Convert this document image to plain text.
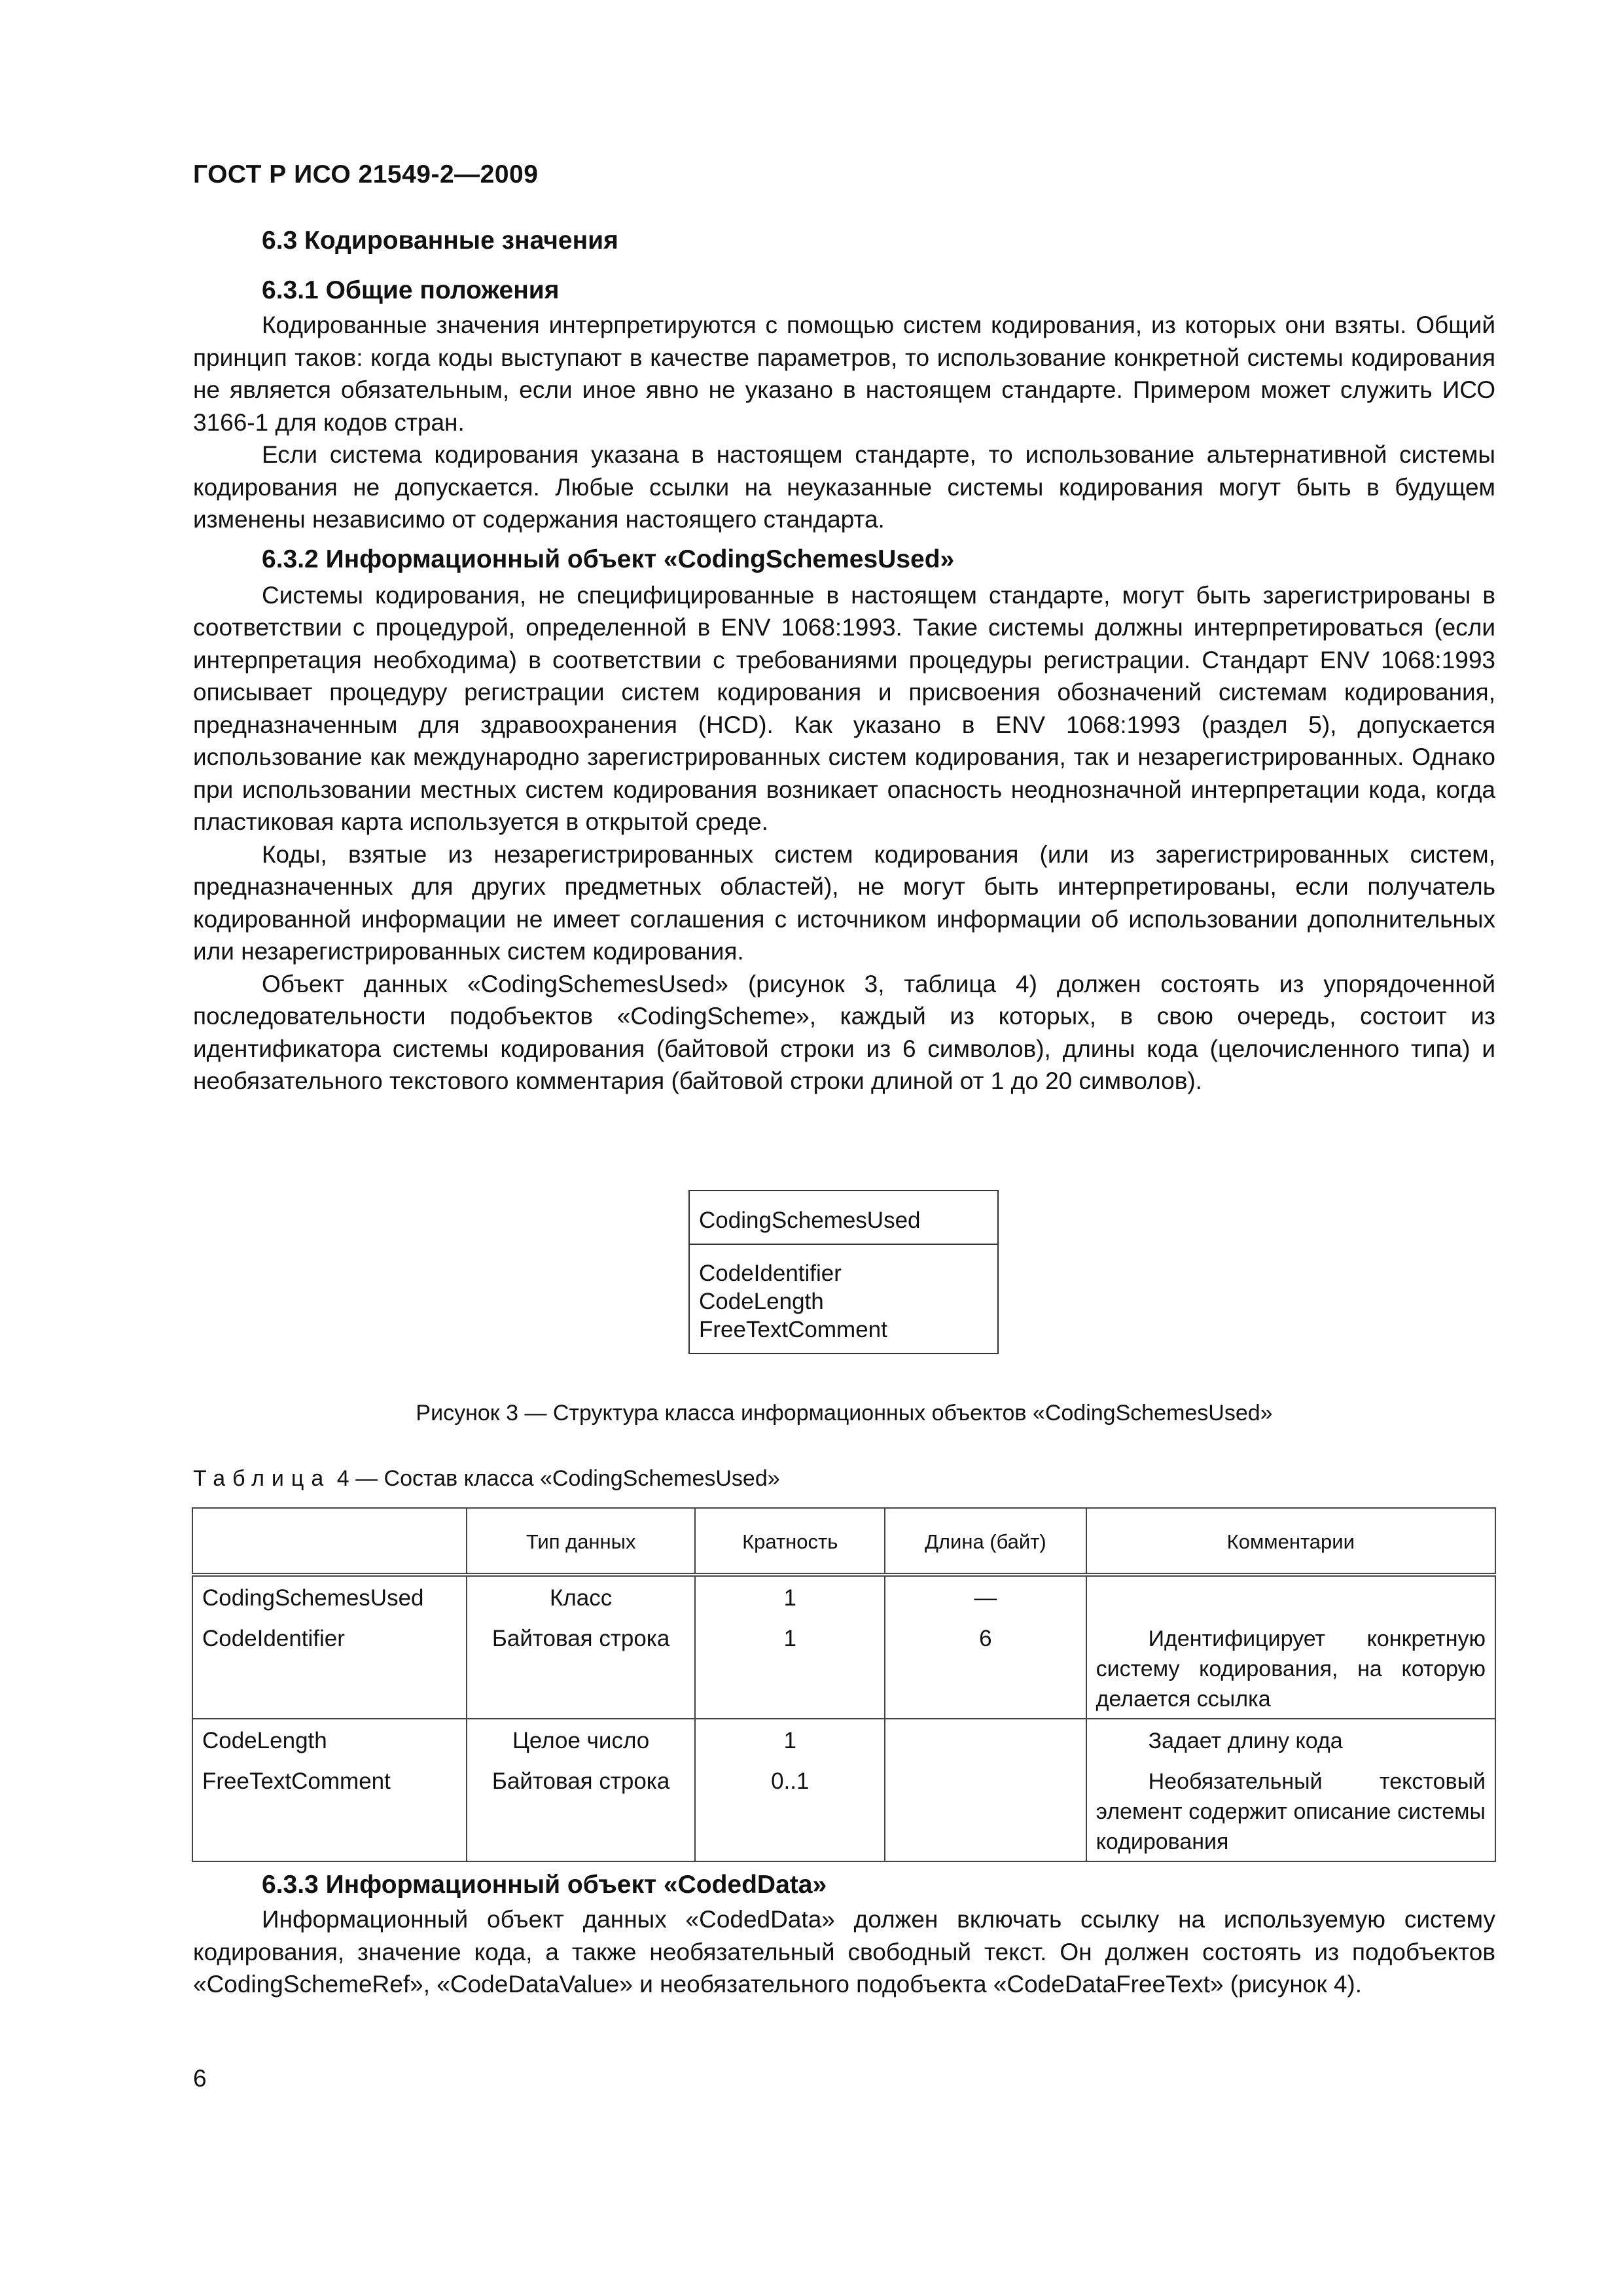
ГОСТ Р ИСО 21549-2—2009
6.3 Кодированные значения
6.3.1 Общие положения

Кодированные значения интерпретируются с помощью систем кодирования, из которых они взяты. Общий принцип таков: когда коды выступают в качестве параметров, то использование конкретной системы кодирования не является обязательным, если иное явно не указано в настоящем стандарте. Примером может служить ИСО 3166-1 для кодов стран.

Если система кодирования указана в настоящем стандарте, то использование альтернативной системы кодирования не допускается. Любые ссылки на неуказанные системы кодирования могут быть в будущем изменены независимо от содержания настоящего стандарта.

6.3.2 Информационный объект «CodingSchemesUsed»

Системы кодирования, не специфицированные в настоящем стандарте, могут быть зарегистрированы в соответствии с процедурой, определенной в ENV 1068:1993. Такие системы должны интерпретироваться (если интерпретация необходима) в соответствии с требованиями процедуры регистрации. Стандарт ENV 1068:1993 описывает процедуру регистрации систем кодирования и присвоения обозначений системам кодирования, предназначенным для здравоохранения (HCD). Как указано в ENV 1068:1993 (раздел 5), допускается использование как международно зарегистрированных систем кодирования, так и незарегистрированных. Однако при использовании местных систем кодирования возникает опасность неоднозначной интерпретации кода, когда пластиковая карта используется в открытой среде.

Коды, взятые из незарегистрированных систем кодирования (или из зарегистрированных систем, предназначенных для других предметных областей), не могут быть интерпретированы, если получатель кодированной информации не имеет соглашения с источником информации об использовании дополнительных или незарегистрированных систем кодирования.

Объект данных «CodingSchemesUsed» (рисунок 3, таблица 4) должен состоять из упорядоченной последовательности подобъектов «CodingScheme», каждый из которых, в свою очередь, состоит из идентификатора системы кодирования (байтовой строки из 6 символов), длины кода (целочисленного типа) и необязательного текстового комментария (байтовой строки длиной от 1 до 20 символов).

CodingSchemesUsed
CodeIdentifier
CodeLength
FreeTextComment
Рисунок 3 — Структура класса информационных объектов «CodingSchemesUsed»
Таблица 4 — Состав класса «CodingSchemesUsed»
	Тип данных	Кратность	Длина (байт)	Комментарии
CodingSchemesUsed	Класс	1	—	
CodeIdentifier	Байтовая строка	1	6	Идентифицирует конкретную систему кодирования, на которую делается ссылка
CodeLength	Целое число	1		Задает длину кода
FreeTextComment	Байтовая строка	0..1		Необязательный текстовый элемент содержит описание системы кодирования
6.3.3 Информационный объект «CodedData»

Информационный объект данных «CodedData» должен включать ссылку на используемую систему кодирования, значение кода, а также необязательный свободный текст. Он должен состоять из подобъектов «CodingSchemeRef», «CodeDataValue» и необязательного подобъекта «CodeDataFreeText» (рисунок 4).

6
